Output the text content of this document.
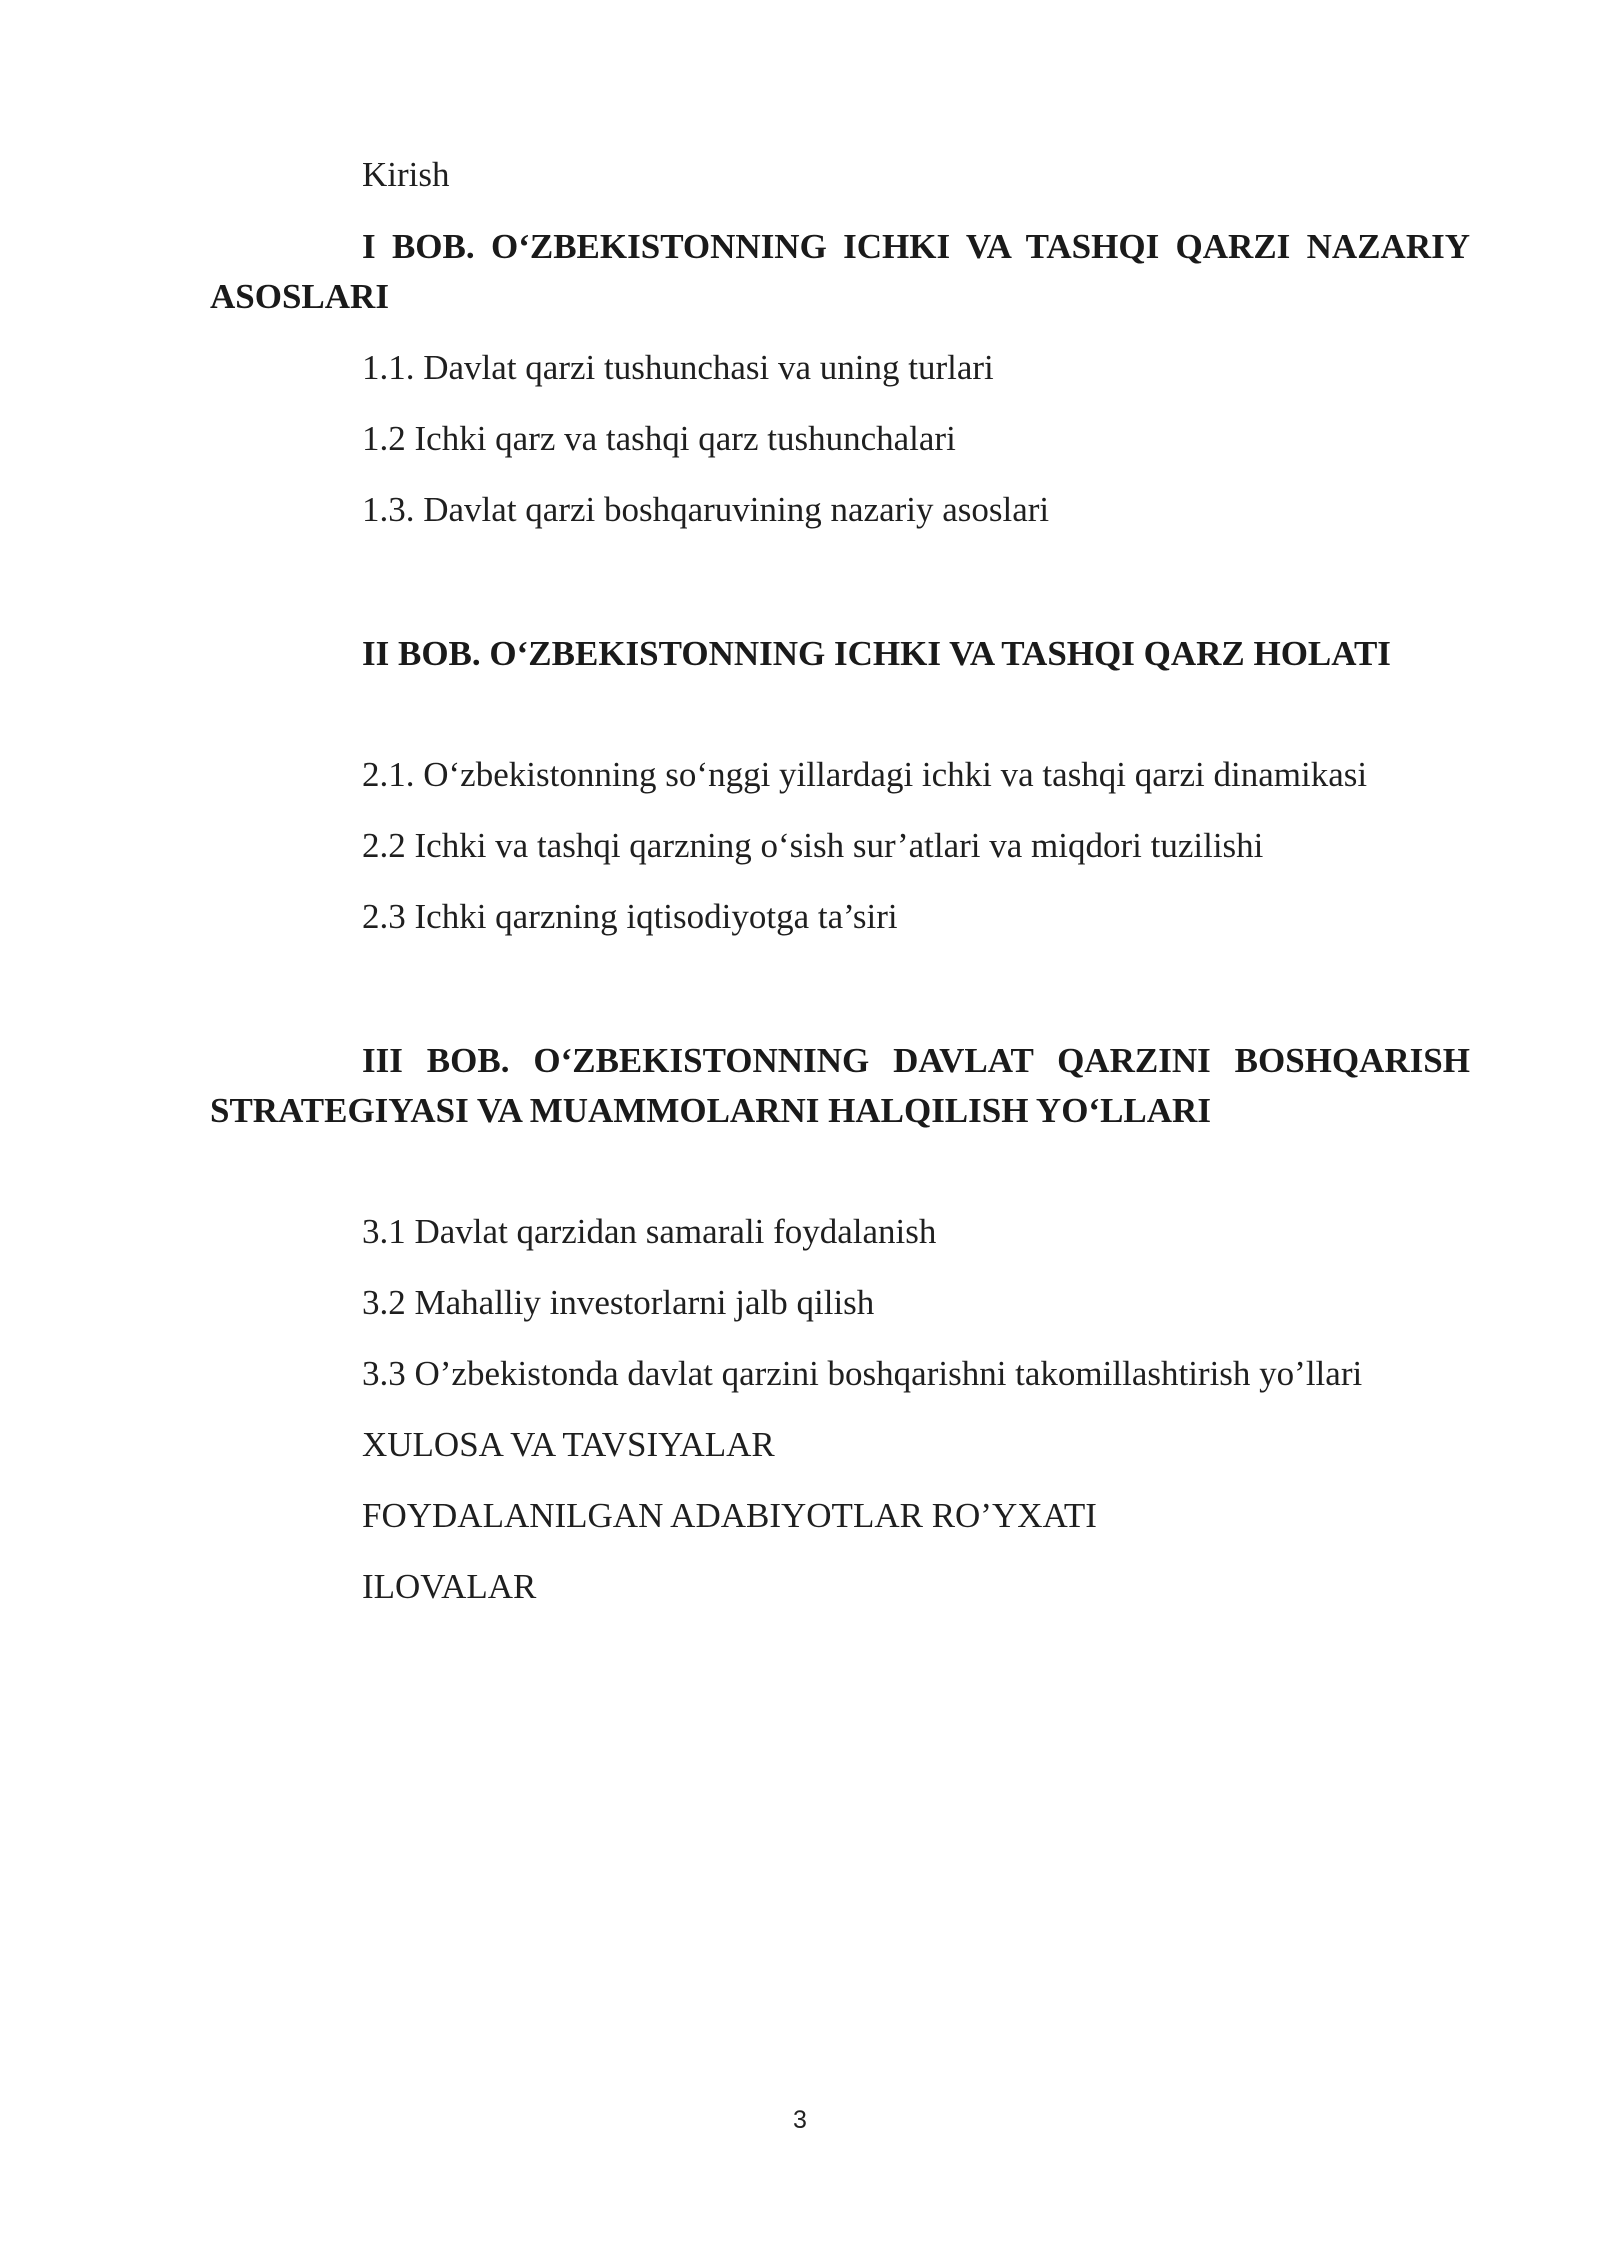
Kirish
I BOB. O‘ZBEKISTONNING ICHKI VA TASHQI QARZI NAZARIY ASOSLARI
1.1. Davlat qarzi tushunchasi va uning turlari
1.2 Ichki qarz va tashqi qarz tushunchalari
1.3. Davlat qarzi boshqaruvining nazariy asoslari
II BOB. O‘ZBEKISTONNING ICHKI VA TASHQI QARZ HOLATI
2.1. O‘zbekistonning so‘nggi yillardagi ichki va tashqi qarzi dinamikasi
2.2 Ichki va tashqi qarzning o‘sish sur’atlari va miqdori tuzilishi
2.3 Ichki qarzning iqtisodiyotga ta’siri
III BOB. O‘ZBEKISTONNING DAVLAT QARZINI BOSHQARISH STRATEGIYASI VA MUAMMOLARNI HALQILISH YO‘LLARI
3.1 Davlat qarzidan samarali foydalanish
3.2 Mahalliy investorlarni jalb qilish
3.3 O’zbekistonda davlat qarzini boshqarishni takomillashtirish yo’llari
XULOSA VA TAVSIYALAR
FOYDALANILGAN ADABIYOTLAR RO’YXATI
ILOVALAR
3
